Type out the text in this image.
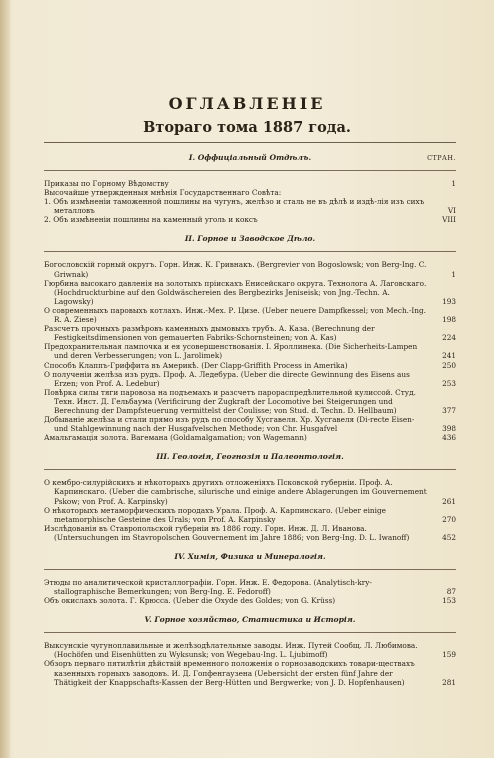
ОГЛАВЛЕНIЕ
Втораго тома 1887 года.
I. Оффицiальный Отдѣлъ.	СТРАН.
Приказы по Горному Вѣдомству	1
Высочайше утвержденныя мнѣнiя Государственнаго Совѣта:
1. Объ измѣненiи таможенной пошлины на чугунъ, желѣзо и сталь не въ дѣлѣ и издѣ-лiя изъ сихъ металловъ	VI
2. Объ измѣненiи пошлины на каменный уголь и коксъ	VIII
II. Горное и Заводское Дѣло.
Богословскiй горный округъ. Горн. Инж. К. Гривнакъ. (Bergrevier von Bogoslowsk; von Berg-Ing. C. Griwnak)	1
Гюрбина высокаго давленiя на золотыхъ прiискахъ Енисейскаго округа. Технолога А. Лаговскаго. (Hochdruckturbine auf den Goldwäschereien des Bergbezirks Jeniseisk; von Jng.-Techn. A. Lagowsky)	193
О современныхъ паровыхъ котлахъ. Инж.-Мех. Р. Цизе. (Ueber neuere Dampfkessel; von Mech.-Ing. R. A. Ziese)	198
Разсчетъ прочныхъ размѣровъ каменныхъ дымовыхъ трубъ. А. Каза. (Berechnung der Festigkeitsdimensionen von gemauerten Fabriks-Schornsteinen; von A. Kas)	224
Предохранительная лампочка и ея усовершенствованiя. I. Яроллинека. (Die Sicherheits-Lampen und deren Verbesserungen; von L. Jarolimek)	241
Способъ Клаппъ-Гриффита въ Америкѣ. (Der Clapp-Griffith Process in Amerika)	250
О полученiи желѣза изъ рудъ. Проф. А. Ледебура. (Ueber die directe Gewinnung des Eisens aus Erzen; von Prof. A. Ledebur)	253
Повѣрка силы тяги паровоза на подъемахъ и разсчетъ парораспредѣлительной кулиссой. Студ. Техн. Инст. Д. Гельбаума (Verificirung der Zugkraft der Locomotive bei Steigerungen und Berechnung der Dampfsteuerung vermittelst der Coulisse; von Stud. d. Techn. D. Hellbaum)	377
Добыванiе желѣза и стали прямо изъ рудъ по способу Хусгавеля. Хр. Хусгавеля (Di-recte Eisen- und Stahlgewinnung nach der Husgafvelschen Methode; von Chr. Husgafvel	398
Амальгамацiя золота. Вагемана (Goldamalgamation; von Wagemann)	436
III. Геологiя, Геогнозiя и Палеонтологiя.
О кембро-силурiйскихъ и нѣкоторыхъ другихъ отложенiяхъ Псковской губернiи. Проф. А. Карпинскаго. (Ueber die cambrische, silurische und einige andere Ablagerungen im Gouvernement Pskow; von Prof. A. Karpinsky)	261
О нѣкоторыхъ метаморфическихъ породахъ Урала. Проф. А. Карпинскаго. (Ueber einige metamorphische Gesteine des Urals; von Prof. A. Karpinsky	270
Изслѣдованiя въ Ставропольской губернiи въ 1886 году. Горн. Инж. Д. Л. Иванова. (Untersuchungen im Stavropolschen Gouvernement im Jahre 1886; von Berg-Ing. D. L. Iwanoff)	452
IV. Химiя, Физика и Минералогiя.
Этюды по аналитической кристаллографiи. Горн. Инж. Е. Федорова. (Analytisch-kry-stallographische Bemerkungen; von Berg-Ing. E. Fedoroff)	87
Объ окислахъ золота. Г. Крюсса. (Ueber die Oxyde des Goldes; von G. Krüss)	153
V. Горное хозяйство, Статистика и Исторiя.
Выксунскiе чугуноплавильные и желѣзодѣлательные заводы. Инж. Путей Сообщ. Л. Любимова. (Hochöfen und Eisenhütten zu Wyksunsk; von Wegebau-Ing. L. Ljubimoff)	159
Обзоръ перваго пятилѣтiя дѣйствiй временного положенiя о горнозаводскихъ товари-ществахъ казенныхъ горныхъ заводовъ. И. Д. Гопфенгаузена (Uebersicht der ersten fünf Jahre der Thätigkeit der Knappschafts-Kassen der Berg-Hütten und Bergwerke; von J. D. Hopfenhausen)	281
